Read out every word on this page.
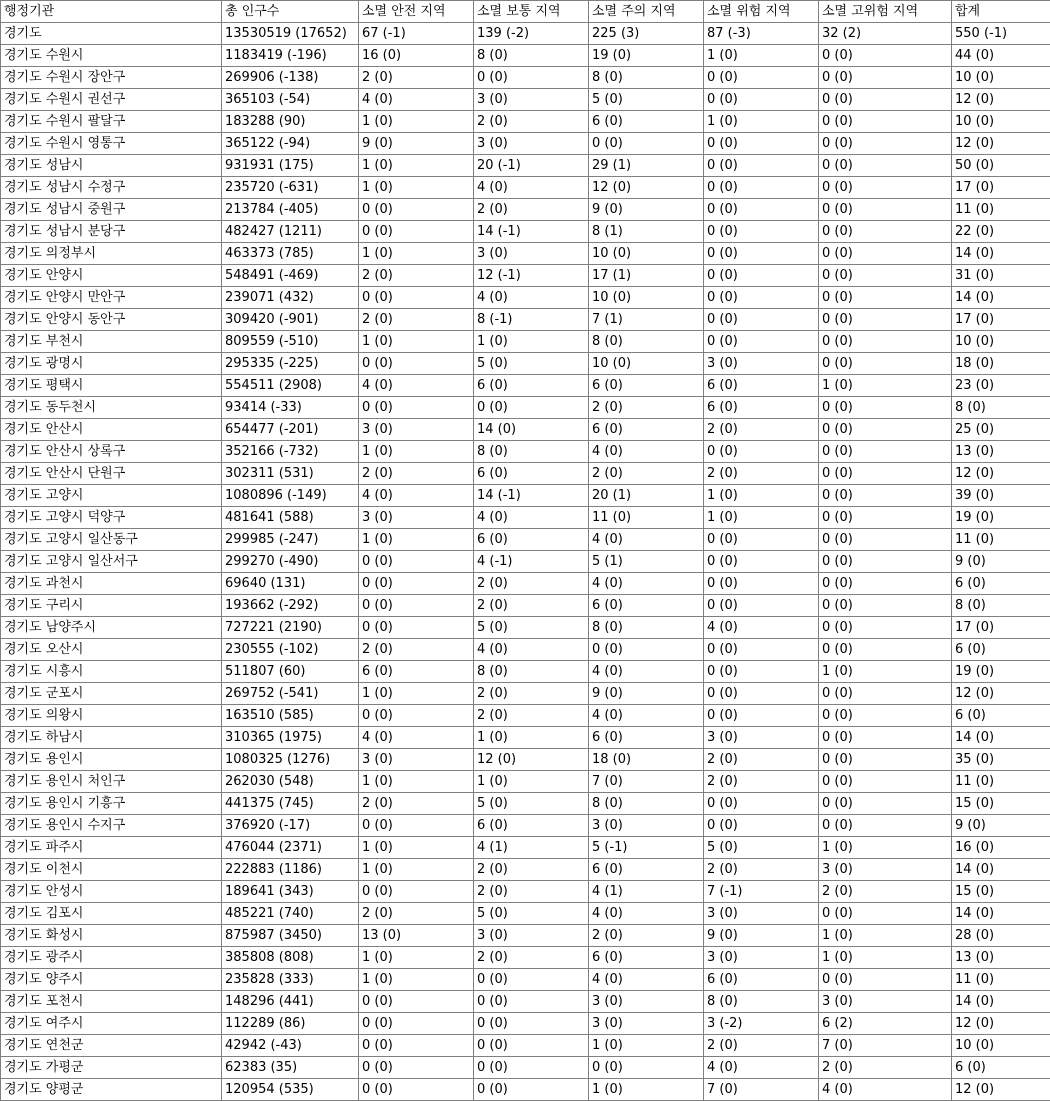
행정기관	총 인구수	소멸 안전 지역	소멸 보통 지역	소멸 주의 지역	소멸 위험 지역	소멸 고위험 지역	합계
경기도	13530519 (17652)	67 (-1)	139 (-2)	225 (3)	87 (-3)	32 (2)	550 (-1)
경기도 수원시	1183419 (-196)	16 (0)	8 (0)	19 (0)	1 (0)	0 (0)	44 (0)
경기도 수원시 장안구	269906 (-138)	2 (0)	0 (0)	8 (0)	0 (0)	0 (0)	10 (0)
경기도 수원시 권선구	365103 (-54)	4 (0)	3 (0)	5 (0)	0 (0)	0 (0)	12 (0)
경기도 수원시 팔달구	183288 (90)	1 (0)	2 (0)	6 (0)	1 (0)	0 (0)	10 (0)
경기도 수원시 영통구	365122 (-94)	9 (0)	3 (0)	0 (0)	0 (0)	0 (0)	12 (0)
경기도 성남시	931931 (175)	1 (0)	20 (-1)	29 (1)	0 (0)	0 (0)	50 (0)
경기도 성남시 수정구	235720 (-631)	1 (0)	4 (0)	12 (0)	0 (0)	0 (0)	17 (0)
경기도 성남시 중원구	213784 (-405)	0 (0)	2 (0)	9 (0)	0 (0)	0 (0)	11 (0)
경기도 성남시 분당구	482427 (1211)	0 (0)	14 (-1)	8 (1)	0 (0)	0 (0)	22 (0)
경기도 의정부시	463373 (785)	1 (0)	3 (0)	10 (0)	0 (0)	0 (0)	14 (0)
경기도 안양시	548491 (-469)	2 (0)	12 (-1)	17 (1)	0 (0)	0 (0)	31 (0)
경기도 안양시 만안구	239071 (432)	0 (0)	4 (0)	10 (0)	0 (0)	0 (0)	14 (0)
경기도 안양시 동안구	309420 (-901)	2 (0)	8 (-1)	7 (1)	0 (0)	0 (0)	17 (0)
경기도 부천시	809559 (-510)	1 (0)	1 (0)	8 (0)	0 (0)	0 (0)	10 (0)
경기도 광명시	295335 (-225)	0 (0)	5 (0)	10 (0)	3 (0)	0 (0)	18 (0)
경기도 평택시	554511 (2908)	4 (0)	6 (0)	6 (0)	6 (0)	1 (0)	23 (0)
경기도 동두천시	93414 (-33)	0 (0)	0 (0)	2 (0)	6 (0)	0 (0)	8 (0)
경기도 안산시	654477 (-201)	3 (0)	14 (0)	6 (0)	2 (0)	0 (0)	25 (0)
경기도 안산시 상록구	352166 (-732)	1 (0)	8 (0)	4 (0)	0 (0)	0 (0)	13 (0)
경기도 안산시 단원구	302311 (531)	2 (0)	6 (0)	2 (0)	2 (0)	0 (0)	12 (0)
경기도 고양시	1080896 (-149)	4 (0)	14 (-1)	20 (1)	1 (0)	0 (0)	39 (0)
경기도 고양시 덕양구	481641 (588)	3 (0)	4 (0)	11 (0)	1 (0)	0 (0)	19 (0)
경기도 고양시 일산동구	299985 (-247)	1 (0)	6 (0)	4 (0)	0 (0)	0 (0)	11 (0)
경기도 고양시 일산서구	299270 (-490)	0 (0)	4 (-1)	5 (1)	0 (0)	0 (0)	9 (0)
경기도 과천시	69640 (131)	0 (0)	2 (0)	4 (0)	0 (0)	0 (0)	6 (0)
경기도 구리시	193662 (-292)	0 (0)	2 (0)	6 (0)	0 (0)	0 (0)	8 (0)
경기도 남양주시	727221 (2190)	0 (0)	5 (0)	8 (0)	4 (0)	0 (0)	17 (0)
경기도 오산시	230555 (-102)	2 (0)	4 (0)	0 (0)	0 (0)	0 (0)	6 (0)
경기도 시흥시	511807 (60)	6 (0)	8 (0)	4 (0)	0 (0)	1 (0)	19 (0)
경기도 군포시	269752 (-541)	1 (0)	2 (0)	9 (0)	0 (0)	0 (0)	12 (0)
경기도 의왕시	163510 (585)	0 (0)	2 (0)	4 (0)	0 (0)	0 (0)	6 (0)
경기도 하남시	310365 (1975)	4 (0)	1 (0)	6 (0)	3 (0)	0 (0)	14 (0)
경기도 용인시	1080325 (1276)	3 (0)	12 (0)	18 (0)	2 (0)	0 (0)	35 (0)
경기도 용인시 처인구	262030 (548)	1 (0)	1 (0)	7 (0)	2 (0)	0 (0)	11 (0)
경기도 용인시 기흥구	441375 (745)	2 (0)	5 (0)	8 (0)	0 (0)	0 (0)	15 (0)
경기도 용인시 수지구	376920 (-17)	0 (0)	6 (0)	3 (0)	0 (0)	0 (0)	9 (0)
경기도 파주시	476044 (2371)	1 (0)	4 (1)	5 (-1)	5 (0)	1 (0)	16 (0)
경기도 이천시	222883 (1186)	1 (0)	2 (0)	6 (0)	2 (0)	3 (0)	14 (0)
경기도 안성시	189641 (343)	0 (0)	2 (0)	4 (1)	7 (-1)	2 (0)	15 (0)
경기도 김포시	485221 (740)	2 (0)	5 (0)	4 (0)	3 (0)	0 (0)	14 (0)
경기도 화성시	875987 (3450)	13 (0)	3 (0)	2 (0)	9 (0)	1 (0)	28 (0)
경기도 광주시	385808 (808)	1 (0)	2 (0)	6 (0)	3 (0)	1 (0)	13 (0)
경기도 양주시	235828 (333)	1 (0)	0 (0)	4 (0)	6 (0)	0 (0)	11 (0)
경기도 포천시	148296 (441)	0 (0)	0 (0)	3 (0)	8 (0)	3 (0)	14 (0)
경기도 여주시	112289 (86)	0 (0)	0 (0)	3 (0)	3 (-2)	6 (2)	12 (0)
경기도 연천군	42942 (-43)	0 (0)	0 (0)	1 (0)	2 (0)	7 (0)	10 (0)
경기도 가평군	62383 (35)	0 (0)	0 (0)	0 (0)	4 (0)	2 (0)	6 (0)
경기도 양평군	120954 (535)	0 (0)	0 (0)	1 (0)	7 (0)	4 (0)	12 (0)
